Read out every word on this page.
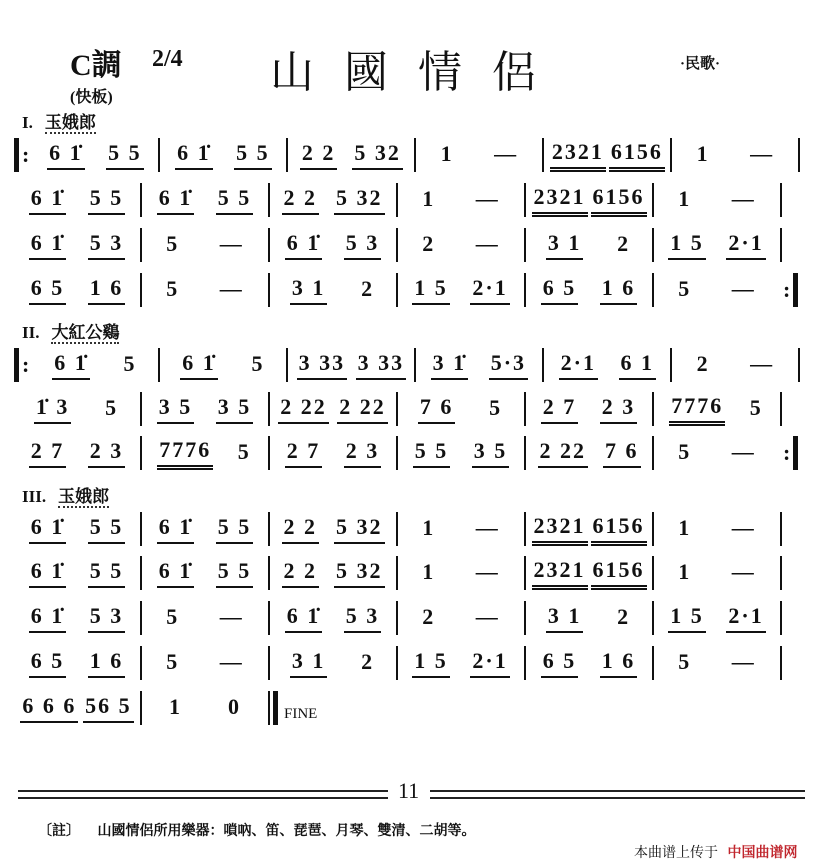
C調 2/4 山國情侶	·民歌·
(快板)
I. 玉娥郎
: 6 1̇ 5 5 6 1̇ 5 5 2 2 5 32 1 — 2321 6156 1 —
6 1̇ 5 5 6 1̇ 5 5 2 2 5 32 1 — 2321 6156 1 —
6 1̇ 5 3 5 — 6 1̇ 5 3 2 — 3 1 2 1 5 2·1
6 5 1 6 5 — 3 1 2 1 5 2·1 6 5 1 6 5 — :
II. 大紅公鷄
: 6 1̇ 5 6 1̇ 5 3 33 3 33 3 1̇ 5·3 2·1 6 1 2 —
1̇ 3 5 3 5 3 5 2 22 2 22 7 6 5 2 7 2 3 7776 5
2 7 2 3 7776 5 2 7 2 3 5 5 3 5 2 22 7 6 5 — :
III. 玉娥郎
6 1̇ 5 5 6 1̇ 5 5 2 2 5 32 1 — 2321 6156 1 —
6 1̇ 5 5 6 1̇ 5 5 2 2 5 32 1 — 2321 6156 1 —
6 1̇ 5 3 5 — 6 1̇ 5 3 2 — 3 1 2 1 5 2·1
6 5 1 6 5 — 3 1 2 1 5 2·1 6 5 1 6 5 —
6 6 6 56 5 1 0	FINE
11
〔註〕 山國情侶所用樂器：嗩吶、笛、琵琶、月琴、雙清、二胡等。
本曲谱上传于 中国曲谱网
